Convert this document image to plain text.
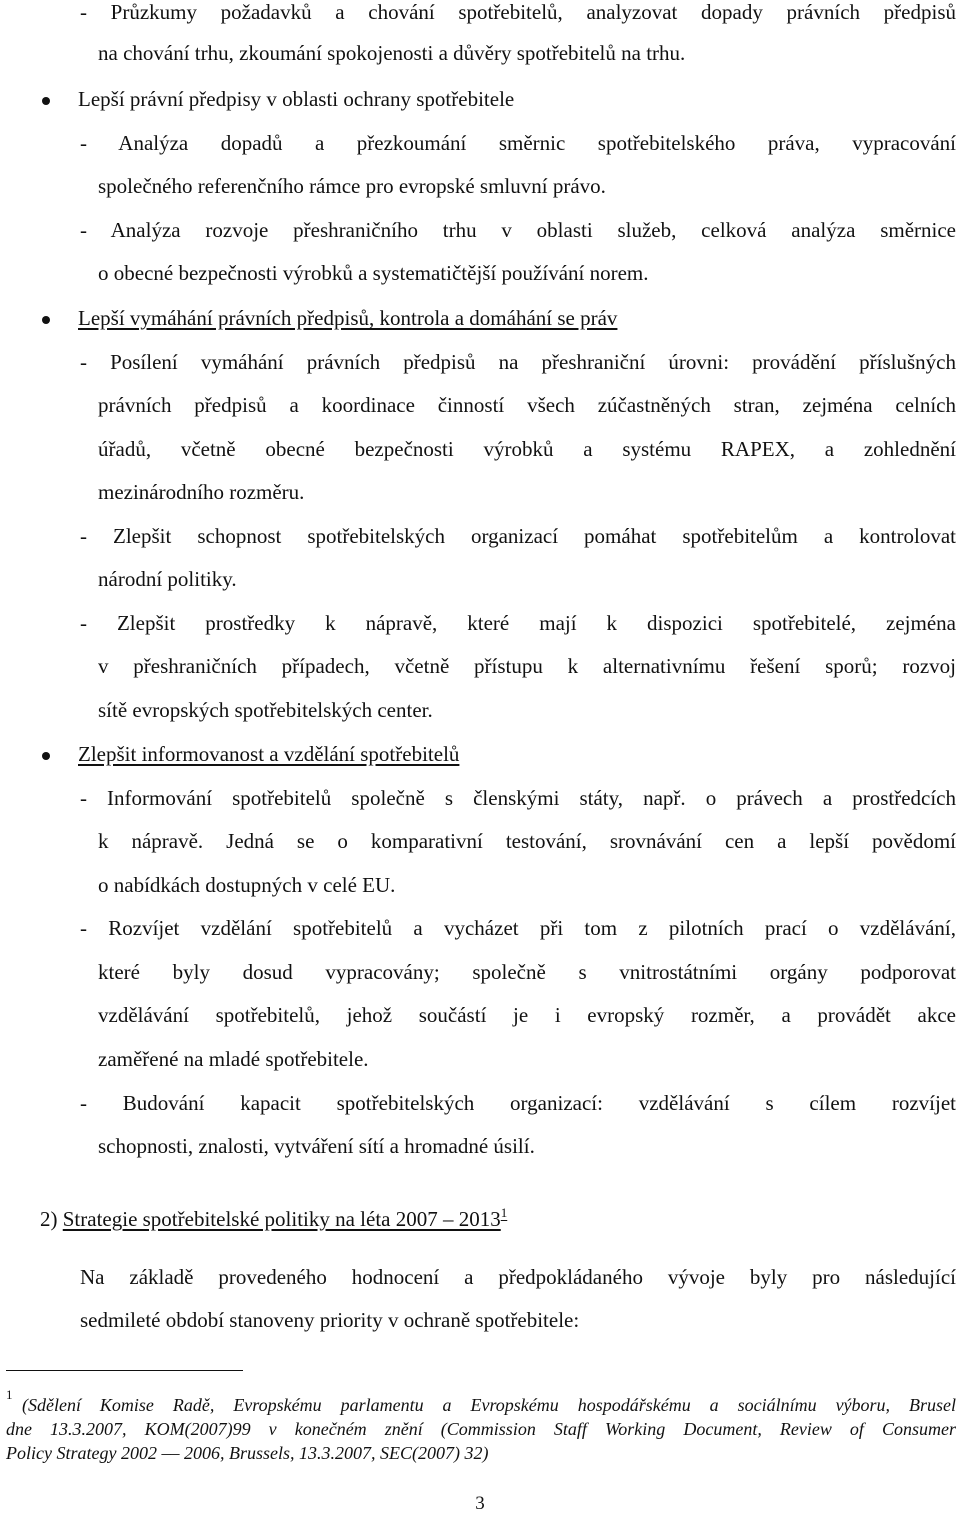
- Průzkumy požadavků a chování spotřebitelů, analyzovat dopady právních předpisů

na chování trhu, zkoumání spokojenosti a důvěry spotřebitelů na trhu.

Lepší právní předpisy v oblasti ochrany spotřebitele

- Analýza dopadů a přezkoumání směrnic spotřebitelského práva, vypracování

společného referenčního rámce pro evropské smluvní právo.

- Analýza rozvoje přeshraničního trhu v oblasti služeb, celková analýza směrnice

o obecné bezpečnosti výrobků a systematičtější používání norem.

Lepší vymáhání právních předpisů, kontrola a domáhání se práv

- Posílení vymáhání právních předpisů na přeshraniční úrovni: provádění příslušných

právních předpisů a koordinace činností všech zúčastněných stran, zejména celních

úřadů, včetně obecné bezpečnosti výrobků a systému RAPEX, a zohlednění

mezinárodního rozměru.

- Zlepšit schopnost spotřebitelských organizací pomáhat spotřebitelům a kontrolovat

národní politiky.

- Zlepšit prostředky k nápravě, které mají k dispozici spotřebitelé, zejména

v přeshraničních případech, včetně přístupu k alternativnímu řešení sporů; rozvoj

sítě evropských spotřebitelských center.

Zlepšit informovanost a vzdělání spotřebitelů

- Informování spotřebitelů společně s členskými státy, např. o právech a prostředcích

k nápravě. Jedná se o komparativní testování, srovnávání cen a lepší povědomí

o nabídkách dostupných v celé EU.

- Rozvíjet vzdělání spotřebitelů a vycházet při tom z pilotních prací o vzdělávání,

které byly dosud vypracovány; společně s vnitrostátními orgány podporovat

vzdělávání spotřebitelů, jehož součástí je i evropský rozměr, a provádět akce

zaměřené na mladé spotřebitele.

- Budování kapacit spotřebitelských organizací: vzdělávání s cílem rozvíjet

schopnosti, znalosti, vytváření sítí a hromadné úsilí.

2) Strategie spotřebitelské politiky na léta 2007 – 2013$^1$

Na základě provedeného hodnocení a předpokládaného vývoje byly pro následující

sedmileté období stanoveny priority v ochraně spotřebitele:

1

(Sdělení Komise Radě, Evropskému parlamentu a Evropskému hospodářskému a sociálnímu výboru, Brusel

dne 13.3.2007, KOM(2007)99 v konečném znění (Commission Staff Working Document, Review of Consumer

Policy Strategy 2002 –– 2006, Brussels, 13.3.2007, SEC(2007) 32)

3
